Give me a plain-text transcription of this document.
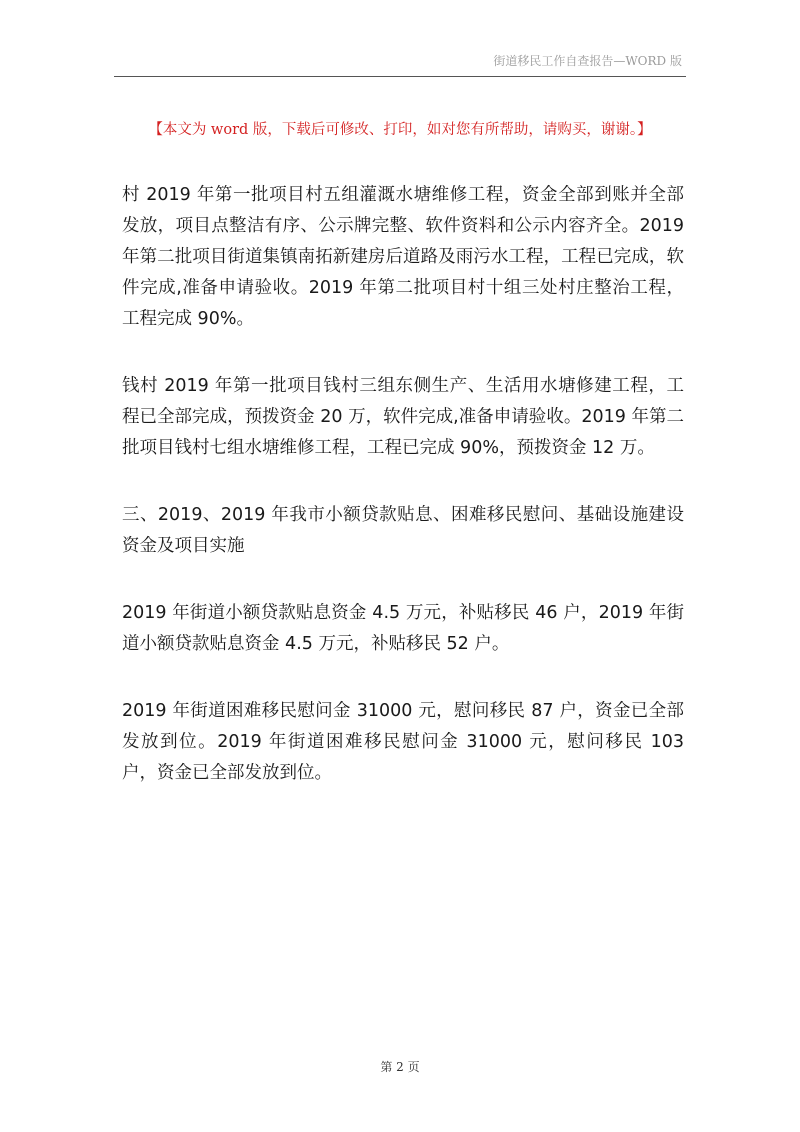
街道移民工作自查报告—WORD 版
【本文为 word 版，下载后可修改、打印，如对您有所帮助，请购买，谢谢。】

村 2019 年第一批项目村五组灌溉水塘维修工程，资金全部到账并全部发放，项目点整洁有序、公示牌完整、软件资料和公示内容齐全。2019 年第二批项目街道集镇南拓新建房后道路及雨污水工程，工程已完成，软件完成,准备申请验收。2019 年第二批项目村十组三处村庄整治工程，工程完成 90%。

钱村 2019 年第一批项目钱村三组东侧生产、生活用水塘修建工程，工程已全部完成，预拨资金 20 万，软件完成,准备申请验收。2019 年第二批项目钱村七组水塘维修工程，工程已完成 90%，预拨资金 12 万。

三、2019、2019 年我市小额贷款贴息、困难移民慰问、基础设施建设资金及项目实施

2019 年街道小额贷款贴息资金 4.5 万元，补贴移民 46 户，2019 年街道小额贷款贴息资金 4.5 万元，补贴移民 52 户。

2019 年街道困难移民慰问金 31000 元，慰问移民 87 户，资金已全部发放到位。2019 年街道困难移民慰问金 31000 元，慰问移民 103 户，资金已全部发放到位。

第 2 页
